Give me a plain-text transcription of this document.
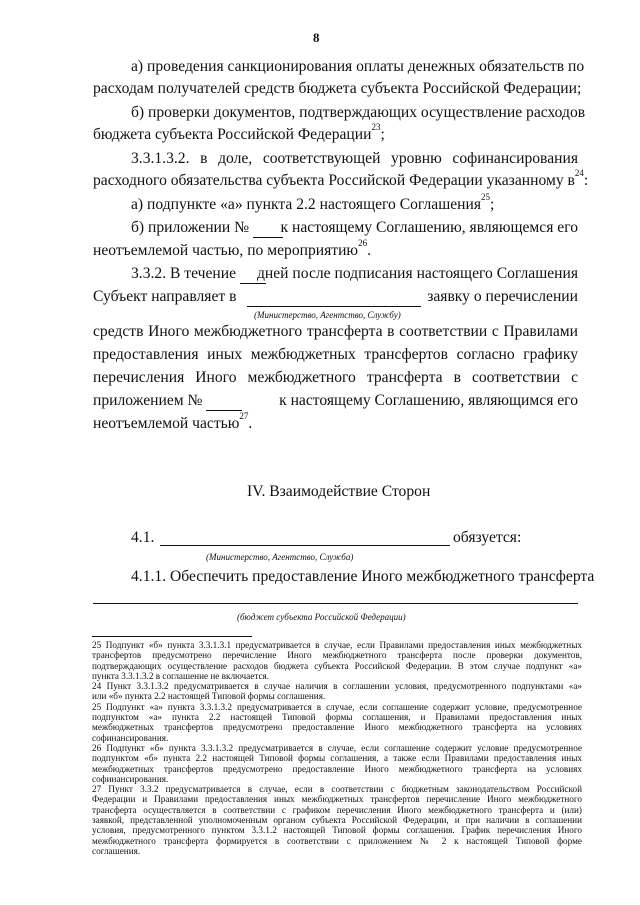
8
а) проведения санкционирования оплаты денежных обязательств по
расходам получателей средств бюджета субъекта Российской Федерации;
б) проверки документов, подтверждающих осуществление расходов
бюджета субъекта Российской Федерации$^{23}$;
3.3.1.3.2. в доле, соответствующей уровню софинансирования
расходного обязательства субъекта Российской Федерации указанному $в^{24}$:
а) подпункте «а» пункта 2.2 настоящего Соглашения$^{25}$;
б) приложении № к настоящему Соглашению, являющемся его
неотъемлемой частью, по мероприятию$^{26}$.
3.3.2. В течение дней после подписания настоящего Соглашения
Субъект направляет в
	заявку о перечислении
(Министерство, Агентство, Службу)
средств Иного межбюджетного трансферта в соответствии с Правилами
предоставления иных межбюджетных трансфертов согласно графику
перечисления Иного межбюджетного трансферта в соответствии с
приложением №	к настоящему Соглашению, являющимся его
неотъемлемой частью$^{27}$.
IV. Взаимодействие Сторон
4.1.	обязуется:
(Министерство, Агентство, Служба)
4.1.1. Обеспечить предоставление Иного межбюджетного трансферта
(бюджет субъекта Российской Федерации)
25 Подпункт «б» пункта 3.3.1.3.1 предусматривается в случае, если Правилами предоставления иных межбюджетных
трансфертов предусмотрено перечисление Иного межбюджетного трансферта после проверки документов,
подтверждающих осуществление расходов бюджета субъекта Российской Федерации. В этом случае подпункт «а»
пункта 3.3.1.3.2 в соглашение не включается.
24 Пункт 3.3.1.3.2 предусматривается в случае наличия в соглашении условия, предусмотренного подпунктами «а»
или «б» пункта 2.2 настоящей Типовой формы соглашения.
25 Подпункт «а» пункта 3.3.1.3.2 предусматривается в случае, если соглашение содержит условие, предусмотренное
подпунктом «а» пункта 2.2 настоящей Типовой формы соглашения, и Правилами предоставления иных
межбюджетных трансфертов предусмотрено предоставление Иного межбюджетного трансферта на условиях
софинансирования.
26 Подпункт «б» пункта 3.3.1.3.2 предусматривается в случае, если соглашение содержит условие предусмотренное
подпунктом «б» пункта 2.2 настоящей Типовой формы соглашения, а также если Правилами предоставления иных
межбюджетных трансфертов предусмотрено предоставление Иного межбюджетного трансферта на условиях
софинансирования.
27 Пункт 3.3.2 предусматривается в случае, если в соответствии с бюджетным законодательством Российской
Федерации и Правилами предоставления иных межбюджетных трансфертов перечисление Иного межбюджетного
трансферта осуществляется в соответствии с графиком перечисления Иного межбюджетного трансферта и (или)
заявкой, представленной уполномоченным органом субъекта Российской Федерации, и при наличии в соглашении
условия, предусмотренного пунктом 3.3.1.2 настоящей Типовой формы соглашения. График перечисления Иного
межбюджетного трансферта формируется в соответствии с приложением № 2 к настоящей Типовой форме
соглашения.
